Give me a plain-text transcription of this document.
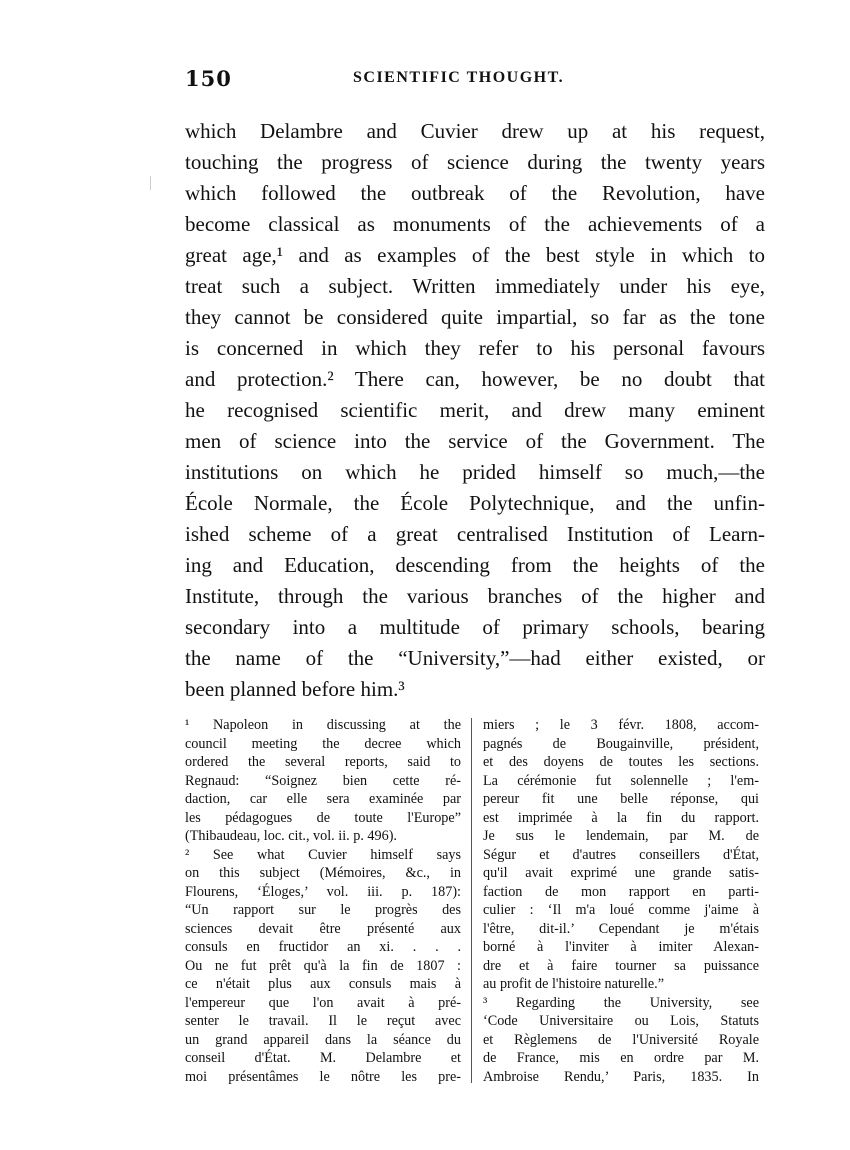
150	SCIENTIFIC THOUGHT.
which Delambre and Cuvier drew up at his request,
touching the progress of science during the twenty years
which followed the outbreak of the Revolution, have
become classical as monuments of the achievements of a
great age,¹ and as examples of the best style in which to
treat such a subject. Written immediately under his eye,
they cannot be considered quite impartial, so far as the tone
is concerned in which they refer to his personal favours
and protection.² There can, however, be no doubt that
he recognised scientific merit, and drew many eminent
men of science into the service of the Government. The
institutions on which he prided himself so much,—the
École Normale, the École Polytechnique, and the unfin-
ished scheme of a great centralised Institution of Learn-
ing and Education, descending from the heights of the
Institute, through the various branches of the higher and
secondary into a multitude of primary schools, bearing
the name of the “University,”—had either existed, or
been planned before him.³
¹ Napoleon in discussing at the
council meeting the decree which
ordered the several reports, said to
Regnaud: “Soignez bien cette ré-
daction, car elle sera examinée par
les pédagogues de toute l'Europe”
(Thibaudeau, loc. cit., vol. ii. p. 496).
² See what Cuvier himself says
on this subject (Mémoires, &c., in
Flourens, ‘Éloges,’ vol. iii. p. 187):
“Un rapport sur le progrès des
sciences devait être présenté aux
consuls en fructidor an xi. . . .
Ou ne fut prêt qu'à la fin de 1807 :
ce n'était plus aux consuls mais à
l'empereur que l'on avait à pré-
senter le travail. Il le reçut avec
un grand appareil dans la séance du
conseil d'État. M. Delambre et
moi présentâmes le nôtre les pre-
miers ; le 3 févr. 1808, accom-
pagnés de Bougainville, président,
et des doyens de toutes les sections.
La cérémonie fut solennelle ; l'em-
pereur fit une belle réponse, qui
est imprimée à la fin du rapport.
Je sus le lendemain, par M. de
Ségur et d'autres conseillers d'État,
qu'il avait exprimé une grande satis-
faction de mon rapport en parti-
culier : ‘Il m'a loué comme j'aime à
l'être, dit-il.’ Cependant je m'étais
borné à l'inviter à imiter Alexan-
dre et à faire tourner sa puissance
au profit de l'histoire naturelle.”
³ Regarding the University, see
‘Code Universitaire ou Lois, Statuts
et Règlemens de l'Université Royale
de France, mis en ordre par M.
Ambroise Rendu,’ Paris, 1835. In
